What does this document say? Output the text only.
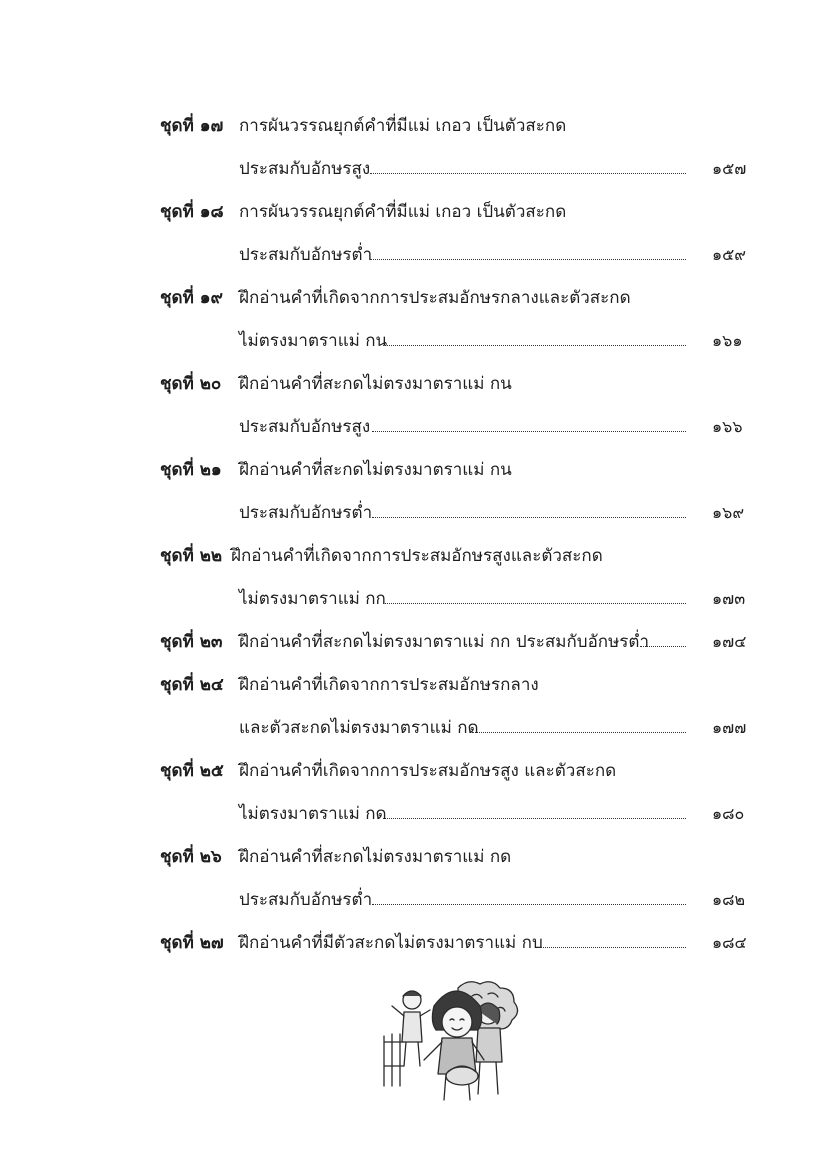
ชุดที่ ๑๗ การผันวรรณยุกต์คำที่มีแม่ เกอว เป็นตัวสะกด
ประสมกับอักษรสูง	๑๕๗
ชุดที่ ๑๘ การผันวรรณยุกต์คำที่มีแม่ เกอว เป็นตัวสะกด
ประสมกับอักษรต่ำ	๑๕๙
ชุดที่ ๑๙ ฝึกอ่านคำที่เกิดจากการประสมอักษรกลางและตัวสะกด
ไม่ตรงมาตราแม่ กน	๑๖๑
ชุดที่ ๒๐ ฝึกอ่านคำที่สะกดไม่ตรงมาตราแม่ กน
ประสมกับอักษรสูง	๑๖๖
ชุดที่ ๒๑ ฝึกอ่านคำที่สะกดไม่ตรงมาตราแม่ กน
ประสมกับอักษรต่ำ	๑๖๙
ชุดที่ ๒๒ ฝึกอ่านคำที่เกิดจากการประสมอักษรสูงและตัวสะกด
ไม่ตรงมาตราแม่ กก	๑๗๓
ชุดที่ ๒๓ ฝึกอ่านคำที่สะกดไม่ตรงมาตราแม่ กก ประสมกับอักษรต่ำ	๑๗๔
ชุดที่ ๒๔ ฝึกอ่านคำที่เกิดจากการประสมอักษรกลาง
และตัวสะกดไม่ตรงมาตราแม่ กด	๑๗๗
ชุดที่ ๒๕ ฝึกอ่านคำที่เกิดจากการประสมอักษรสูง และตัวสะกด
ไม่ตรงมาตราแม่ กด	๑๘๐
ชุดที่ ๒๖ ฝึกอ่านคำที่สะกดไม่ตรงมาตราแม่ กด
ประสมกับอักษรต่ำ	๑๘๒
ชุดที่ ๒๗ ฝึกอ่านคำที่มีตัวสะกดไม่ตรงมาตราแม่ กบ	๑๘๔
